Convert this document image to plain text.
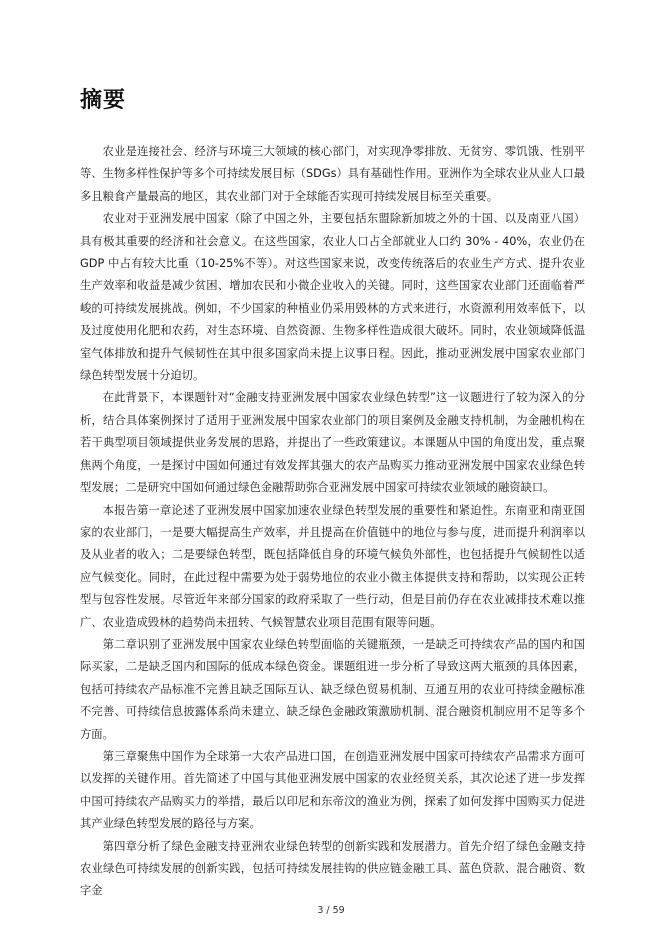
摘要

农业是连接社会、经济与环境三大领域的核心部门，对实现净零排放、无贫穷、零饥饿、性别平等、生物多样性保护等多个可持续发展目标（SDGs）具有基础性作用。亚洲作为全球农业从业人口最多且粮食产量最高的地区，其农业部门对于全球能否实现可持续发展目标至关重要。

农业对于亚洲发展中国家（除了中国之外，主要包括东盟除新加坡之外的十国、以及南亚八国）具有极其重要的经济和社会意义。在这些国家，农业人口占全部就业人口约 30% - 40%，农业仍在 GDP 中占有较大比重（10-25%不等）。对这些国家来说，改变传统落后的农业生产方式、提升农业生产效率和收益是减少贫困、增加农民和小微企业收入的关键。同时，这些国家农业部门还面临着严峻的可持续发展挑战。例如，不少国家的种植业仍采用毁林的方式来进行，水资源利用效率低下，以及过度使用化肥和农药，对生态环境、自然资源、生物多样性造成很大破坏。同时，农业领域降低温室气体排放和提升气候韧性在其中很多国家尚未提上议事日程。因此，推动亚洲发展中国家农业部门绿色转型发展十分迫切。

在此背景下，本课题针对“金融支持亚洲发展中国家农业绿色转型”这一议题进行了较为深入的分析，结合具体案例探讨了适用于亚洲发展中国家农业部门的项目案例及金融支持机制，为金融机构在若干典型项目领域提供业务发展的思路，并提出了一些政策建议。本课题从中国的角度出发，重点聚焦两个角度，一是探讨中国如何通过有效发挥其强大的农产品购买力推动亚洲发展中国家农业绿色转型发展；二是研究中国如何通过绿色金融帮助弥合亚洲发展中国家可持续农业领域的融资缺口。

本报告第一章论述了亚洲发展中国家加速农业绿色转型发展的重要性和紧迫性。东南亚和南亚国家的农业部门，一是要大幅提高生产效率，并且提高在价值链中的地位与参与度，进而提升利润率以及从业者的收入；二是要绿色转型，既包括降低自身的环境气候负外部性，也包括提升气候韧性以适应气候变化。同时，在此过程中需要为处于弱势地位的农业小微主体提供支持和帮助，以实现公正转型与包容性发展。尽管近年来部分国家的政府采取了一些行动，但是目前仍存在农业减排技术难以推广、农业造成毁林的趋势尚未扭转、气候智慧农业项目范围有限等问题。

第二章识别了亚洲发展中国家农业绿色转型面临的关键瓶颈，一是缺乏可持续农产品的国内和国际买家，二是缺乏国内和国际的低成本绿色资金。课题组进一步分析了导致这两大瓶颈的具体因素，包括可持续农产品标准不完善且缺乏国际互认、缺乏绿色贸易机制、互通互用的农业可持续金融标准不完善、可持续信息披露体系尚未建立、缺乏绿色金融政策激励机制、混合融资机制应用不足等多个方面。

第三章聚焦中国作为全球第一大农产品进口国，在创造亚洲发展中国家可持续农产品需求方面可以发挥的关键作用。首先简述了中国与其他亚洲发展中国家的农业经贸关系，其次论述了进一步发挥中国可持续农产品购买力的举措，最后以印尼和东帝汶的渔业为例，探索了如何发挥中国购买力促进其产业绿色转型发展的路径与方案。

第四章分析了绿色金融支持亚洲农业绿色转型的创新实践和发展潜力。首先介绍了绿色金融支持农业绿色可持续发展的创新实践，包括可持续发展挂钩的供应链金融工具、蓝色贷款、混合融资、数字金

3 / 59
